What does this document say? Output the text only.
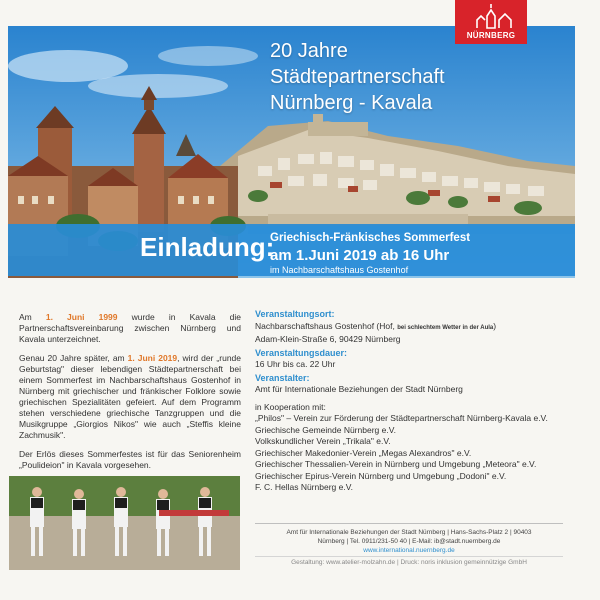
NÜRNBERG
20 Jahre
Städtepartnerschaft
Nürnberg - Kavala
Einladung:
Griechisch-Fränkisches Sommerfest
am 1.Juni 2019 ab 16 Uhr
im Nachbarschaftshaus Gostenhof

Am 1. Juni 1999 wurde in Kavala die Partnerschaftsvereinbarung zwischen Nürnberg und Kavala unterzeichnet.

Genau 20 Jahre später, am 1. Juni 2019, wird der „runde Geburtstag" dieser lebendigen Städtepartnerschaft bei einem Sommerfest im Nachbarschaftshaus Gostenhof in Nürnberg mit griechischer und fränkischer Folklore sowie griechischen Spezialitäten gefeiert. Auf dem Programm stehen verschiedene griechische Tanzgruppen und die Musikgruppe „Giorgios Nikos" wie auch „Steffis kleine Zachmusik".

Der Erlös dieses Sommerfestes ist für das Seniorenheim „Poulideion" in Kavala vorgesehen.

Veranstaltungsort:
Nachbarschaftshaus Gostenhof (Hof, bei schlechtem Wetter in der Aula)
Adam-Klein-Straße 6, 90429 Nürnberg
Veranstaltungsdauer:
16 Uhr bis ca. 22 Uhr
Veranstalter:
Amt für Internationale Beziehungen der Stadt Nürnberg
in Kooperation mit:
„Philos" – Verein zur Förderung der Städtepartnerschaft Nürnberg-Kavala e.V.
Griechische Gemeinde Nürnberg e.V.
Volkskundlicher Verein „Trikala" e.V.
Griechischer Makedonier-Verein „Megas Alexandros" e.V.
Griechischer Thessalien-Verein in Nürnberg und Umgebung „Meteora" e.V.
Griechischer Epirus-Verein Nürnberg und Umgebung „Dodoni" e.V.
F. C. Hellas Nürnberg e.V.
Amt für Internationale Beziehungen der Stadt Nürnberg | Hans-Sachs-Platz 2 | 90403
Nürnberg | Tel. 0911/231-50 40 | E-Mail: ib@stadt.nuernberg.de
www.international.nuernberg.de
Gestaltung: www.atelier-molzahn.de | Druck: noris inklusion gemeinnützige GmbH
